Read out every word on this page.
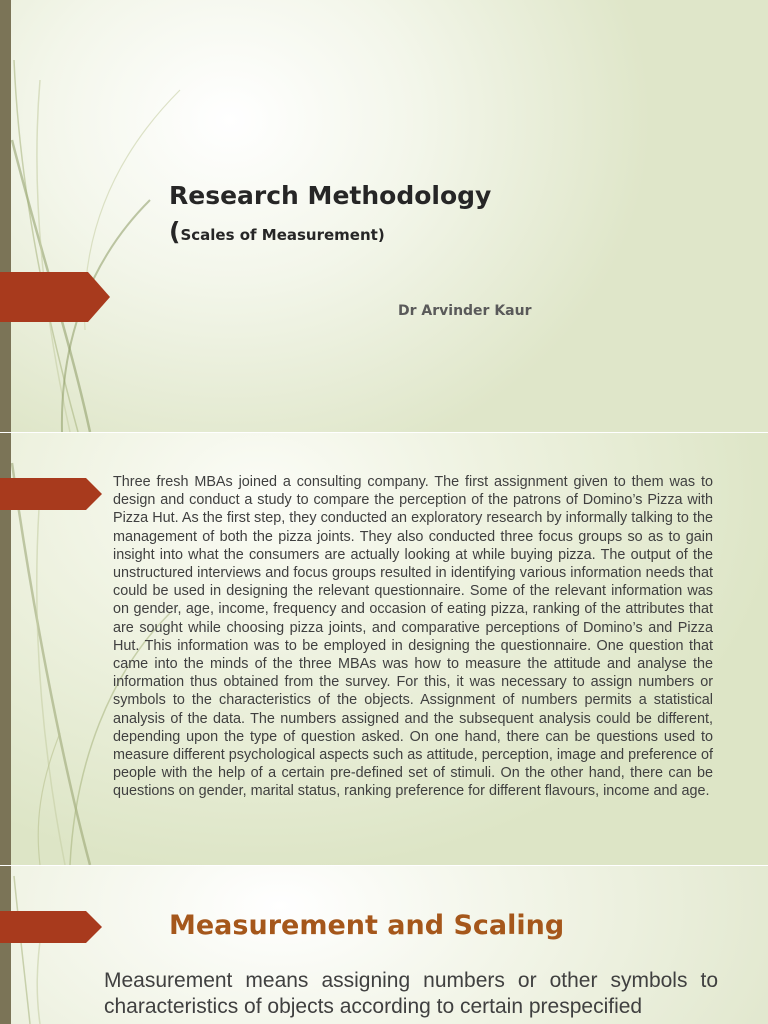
Research Methodology
(Scales of Measurement)
Dr Arvinder Kaur

Three fresh MBAs joined a consulting company. The first assignment given to them was to design and conduct a study to compare the perception of the patrons of Domino’s Pizza with Pizza Hut. As the first step, they conducted an exploratory research by informally talking to the management of both the pizza joints. They also conducted three focus groups so as to gain insight into what the consumers are actually looking at while buying pizza. The output of the unstructured interviews and focus groups resulted in identifying various information needs that could be used in designing the relevant questionnaire. Some of the relevant information was on gender, age, income, frequency and occasion of eating pizza, ranking of the attributes that are sought while choosing pizza joints, and comparative perceptions of Domino’s and Pizza Hut. This information was to be employed in designing the questionnaire. One question that came into the minds of the three MBAs was how to measure the attitude and analyse the information thus obtained from the survey. For this, it was necessary to assign numbers or symbols to the characteristics of the objects. Assignment of numbers permits a statistical analysis of the data. The numbers assigned and the subsequent analysis could be different, depending upon the type of question asked. On one hand, there can be questions used to measure different psychological aspects such as attitude, perception, image and preference of people with the help of a certain pre-defined set of stimuli. On the other hand, there can be questions on gender, marital status, ranking preference for different flavours, income and age.

Measurement and Scaling

Measurement means assigning numbers or other symbols to characteristics of objects according to certain prespecified
